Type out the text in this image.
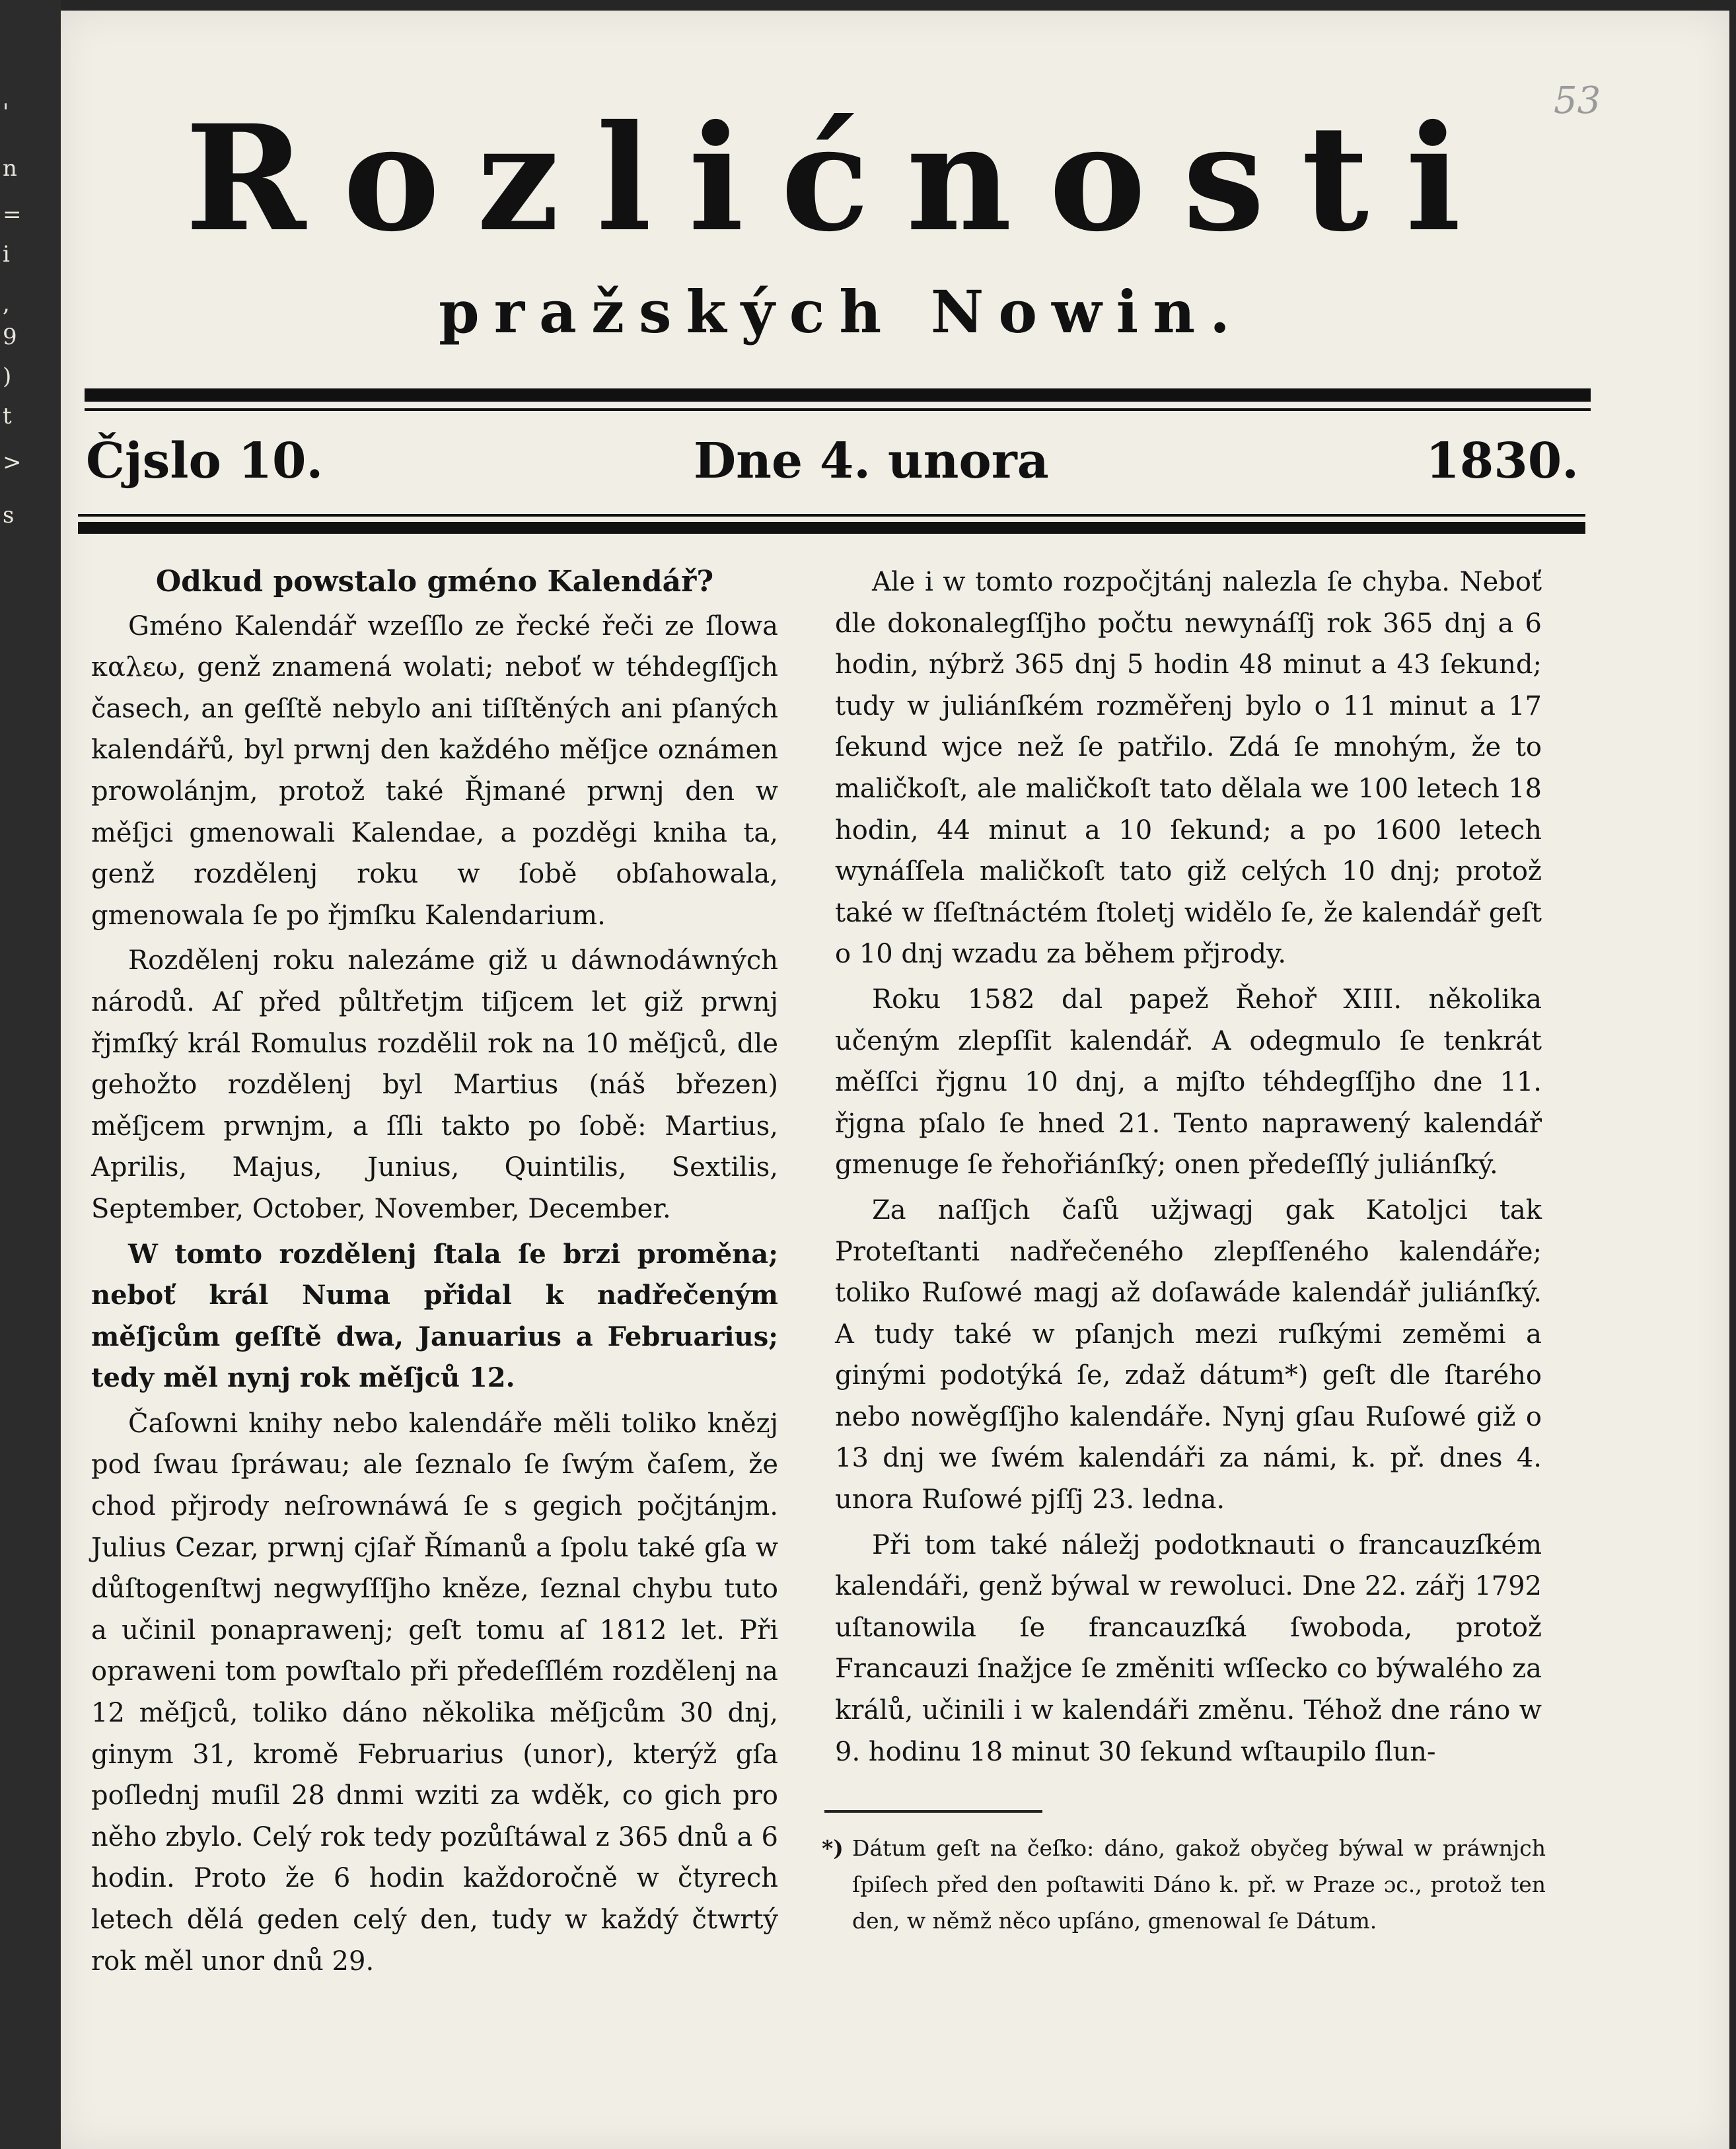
'
n
=
i
,
9
)
t
>
s
53
Rozlićnosti
pražských Nowin.
Čjslo 10.	Dne 4. unora	1830.

Odkud powstalo gméno Kalendář?

Gméno Kalendář wzeſſlo ze řecké řeči ze ſlowa καλεω, genž znamená wolati; neboť w téhdegſſjch časech, an geſſtě nebylo ani tiſſtěných ani pſaných kalendářů, byl prwnj den každého měſjce oznámen prowolánjm, protož také Řjmané prwnj den w měſjci gmenowali Kalendae, a pozděgi kniha ta, genž rozdělenj roku w ſobě obſahowala, gmenowala ſe po řjmſku Kalendarium.

Rozdělenj roku nalezáme giž u dáwnodáwných národů. Aſ před půltřetjm tiſjcem let giž prwnj řjmſký král Romulus rozdělil rok na 10 měſjců, dle gehožto rozdělenj byl Martius (náš březen) měſjcem prwnjm, a ſſli takto po ſobě: Martius, Aprilis, Majus, Junius, Quintilis, Sextilis, September, October, November, December.

W tomto rozdělenj ſtala ſe brzi proměna; neboť král Numa přidal k nadřečeným měſjcům geſſtě dwa, Januarius a Februarius; tedy měl nynj rok měſjců 12.

Čaſowni knihy nebo kalendáře měli toliko knězj pod ſwau ſpráwau; ale ſeznalo ſe ſwým čaſem, že chod přjrody neſrownáwá ſe s gegich počjtánjm. Julius Cezar, prwnj cjſař Římanů a ſpolu také gſa w důſtogenſtwj negwyſſſjho kněze, ſeznal chybu tuto a učinil ponaprawenj; geſt tomu aſ 1812 let. Při opraweni tom powſtalo při předeſſlém rozdělenj na 12 měſjců, toliko dáno několika měſjcům 30 dnj, ginym 31, kromě Februarius (unor), kterýž gſa poſlednj muſil 28 dnmi wziti za wděk, co gich pro něho zbylo. Celý rok tedy pozůſtáwal z 365 dnů a 6 hodin. Proto že 6 hodin každoročně w čtyrech letech dělá geden celý den, tudy w každý čtwrtý rok měl unor dnů 29.

Ale i w tomto rozpočjtánj nalezla ſe chyba. Neboť dle dokonalegſſjho počtu newynáſſj rok 365 dnj a 6 hodin, nýbrž 365 dnj 5 hodin 48 minut a 43 ſekund; tudy w juliánſkém rozměřenj bylo o 11 minut a 17 ſekund wjce než ſe patřilo. Zdá ſe mnohým, že to maličkoſt, ale maličkoſt tato dělala we 100 letech 18 hodin, 44 minut a 10 ſekund; a po 1600 letech wynáſſela maličkoſt tato giž celých 10 dnj; protož také w ſſeſtnáctém ſtoletj widělo ſe, že kalendář geſt o 10 dnj wzadu za během přjrody.

Roku 1582 dal papež Řehoř XIII. několika učeným zlepſſit kalendář. A odegmulo ſe tenkrát měſſci řjgnu 10 dnj, a mjſto téhdegſſjho dne 11. řjgna pſalo ſe hned 21. Tento naprawený kalendář gmenuge ſe řehořiánſký; onen předeſſlý juliánſký.

Za naſſjch čaſů užjwagj gak Katoljci tak Proteſtanti nadřečeného zlepſſeného kalendáře; toliko Ruſowé magj až doſawáde kalendář juliánſký. A tudy také w pſanjch mezi ruſkými zeměmi a ginými podotýká ſe, zdaž dátum*) geſt dle ſtarého nebo nowěgſſjho kalendáře. Nynj gſau Ruſowé giž o 13 dnj we ſwém kalendáři za námi, k. př. dnes 4. unora Ruſowé pjſſj 23. ledna.

Při tom také náležj podotknauti o francauzſkém kalendáři, genž býwal w rewoluci. Dne 22. zářj 1792 uſtanowila ſe francauzſká ſwoboda, protož Francauzi ſnažjce ſe změniti wſſecko co býwalého za králů, učinili i w kalendáři změnu. Téhož dne ráno w 9. hodinu 18 minut 30 ſekund wſtaupilo ſlun-

*) Dátum geſt na čeſko: dáno, gakož obyčeg býwal w práwnjch ſpiſech před den poſtawiti Dáno k. př. w Praze ɔc., protož ten den, w němž něco upſáno, gmenowal ſe Dátum.
